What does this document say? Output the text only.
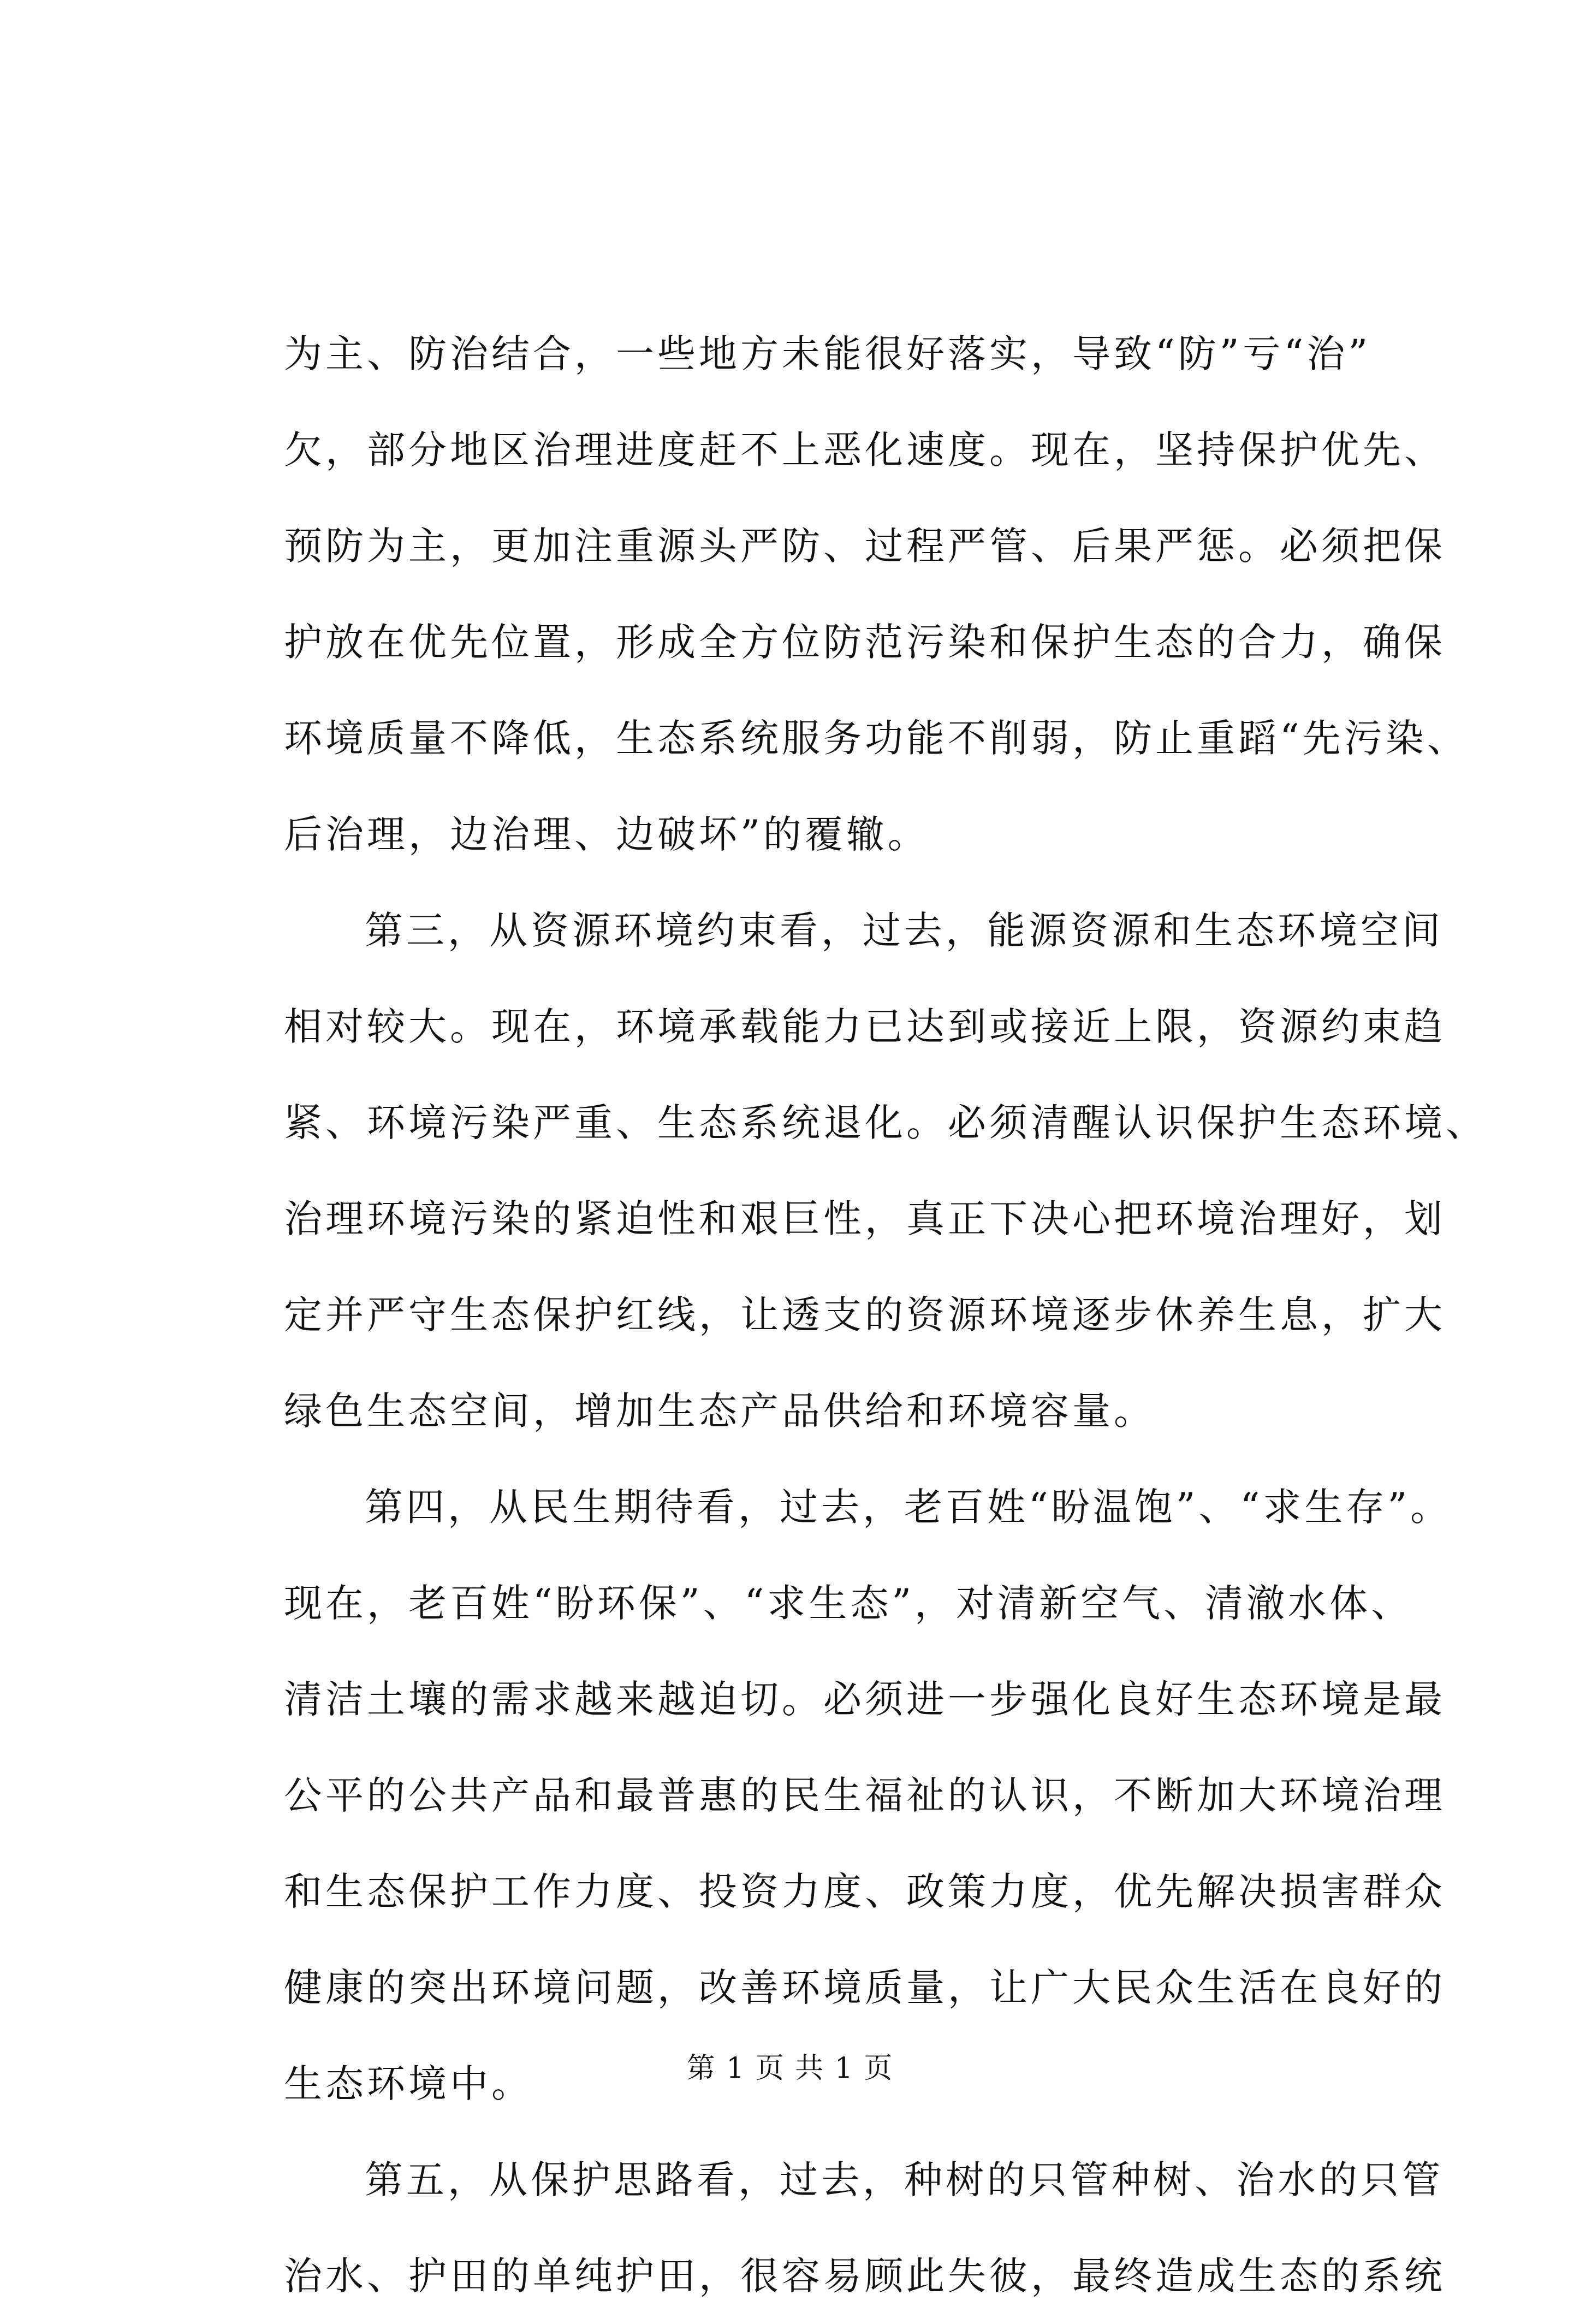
为主、防治结合，一些地方未能很好落实，导致“防”亏“治”
欠，部分地区治理进度赶不上恶化速度。现在，坚持保护优先、
预防为主，更加注重源头严防、过程严管、后果严惩。必须把保
护放在优先位置，形成全方位防范污染和保护生态的合力，确保
环境质量不降低，生态系统服务功能不削弱，防止重蹈“先污染、
后治理，边治理、边破坏”的覆辙。
第三，从资源环境约束看，过去，能源资源和生态环境空间
相对较大。现在，环境承载能力已达到或接近上限，资源约束趋
紧、环境污染严重、生态系统退化。必须清醒认识保护生态环境、
治理环境污染的紧迫性和艰巨性，真正下决心把环境治理好，划
定并严守生态保护红线，让透支的资源环境逐步休养生息，扩大
绿色生态空间，增加生态产品供给和环境容量。
第四，从民生期待看，过去，老百姓“盼温饱”、“求生存”。
现在，老百姓“盼环保”、“求生态”，对清新空气、清澈水体、
清洁土壤的需求越来越迫切。必须进一步强化良好生态环境是最
公平的公共产品和最普惠的民生福祉的认识，不断加大环境治理
和生态保护工作力度、投资力度、政策力度，优先解决损害群众
健康的突出环境问题，改善环境质量，让广大民众生活在良好的
生态环境中。
第五，从保护思路看，过去，种树的只管种树、治水的只管
治水、护田的单纯护田，很容易顾此失彼，最终造成生态的系统
第 1 页 共 1 页
